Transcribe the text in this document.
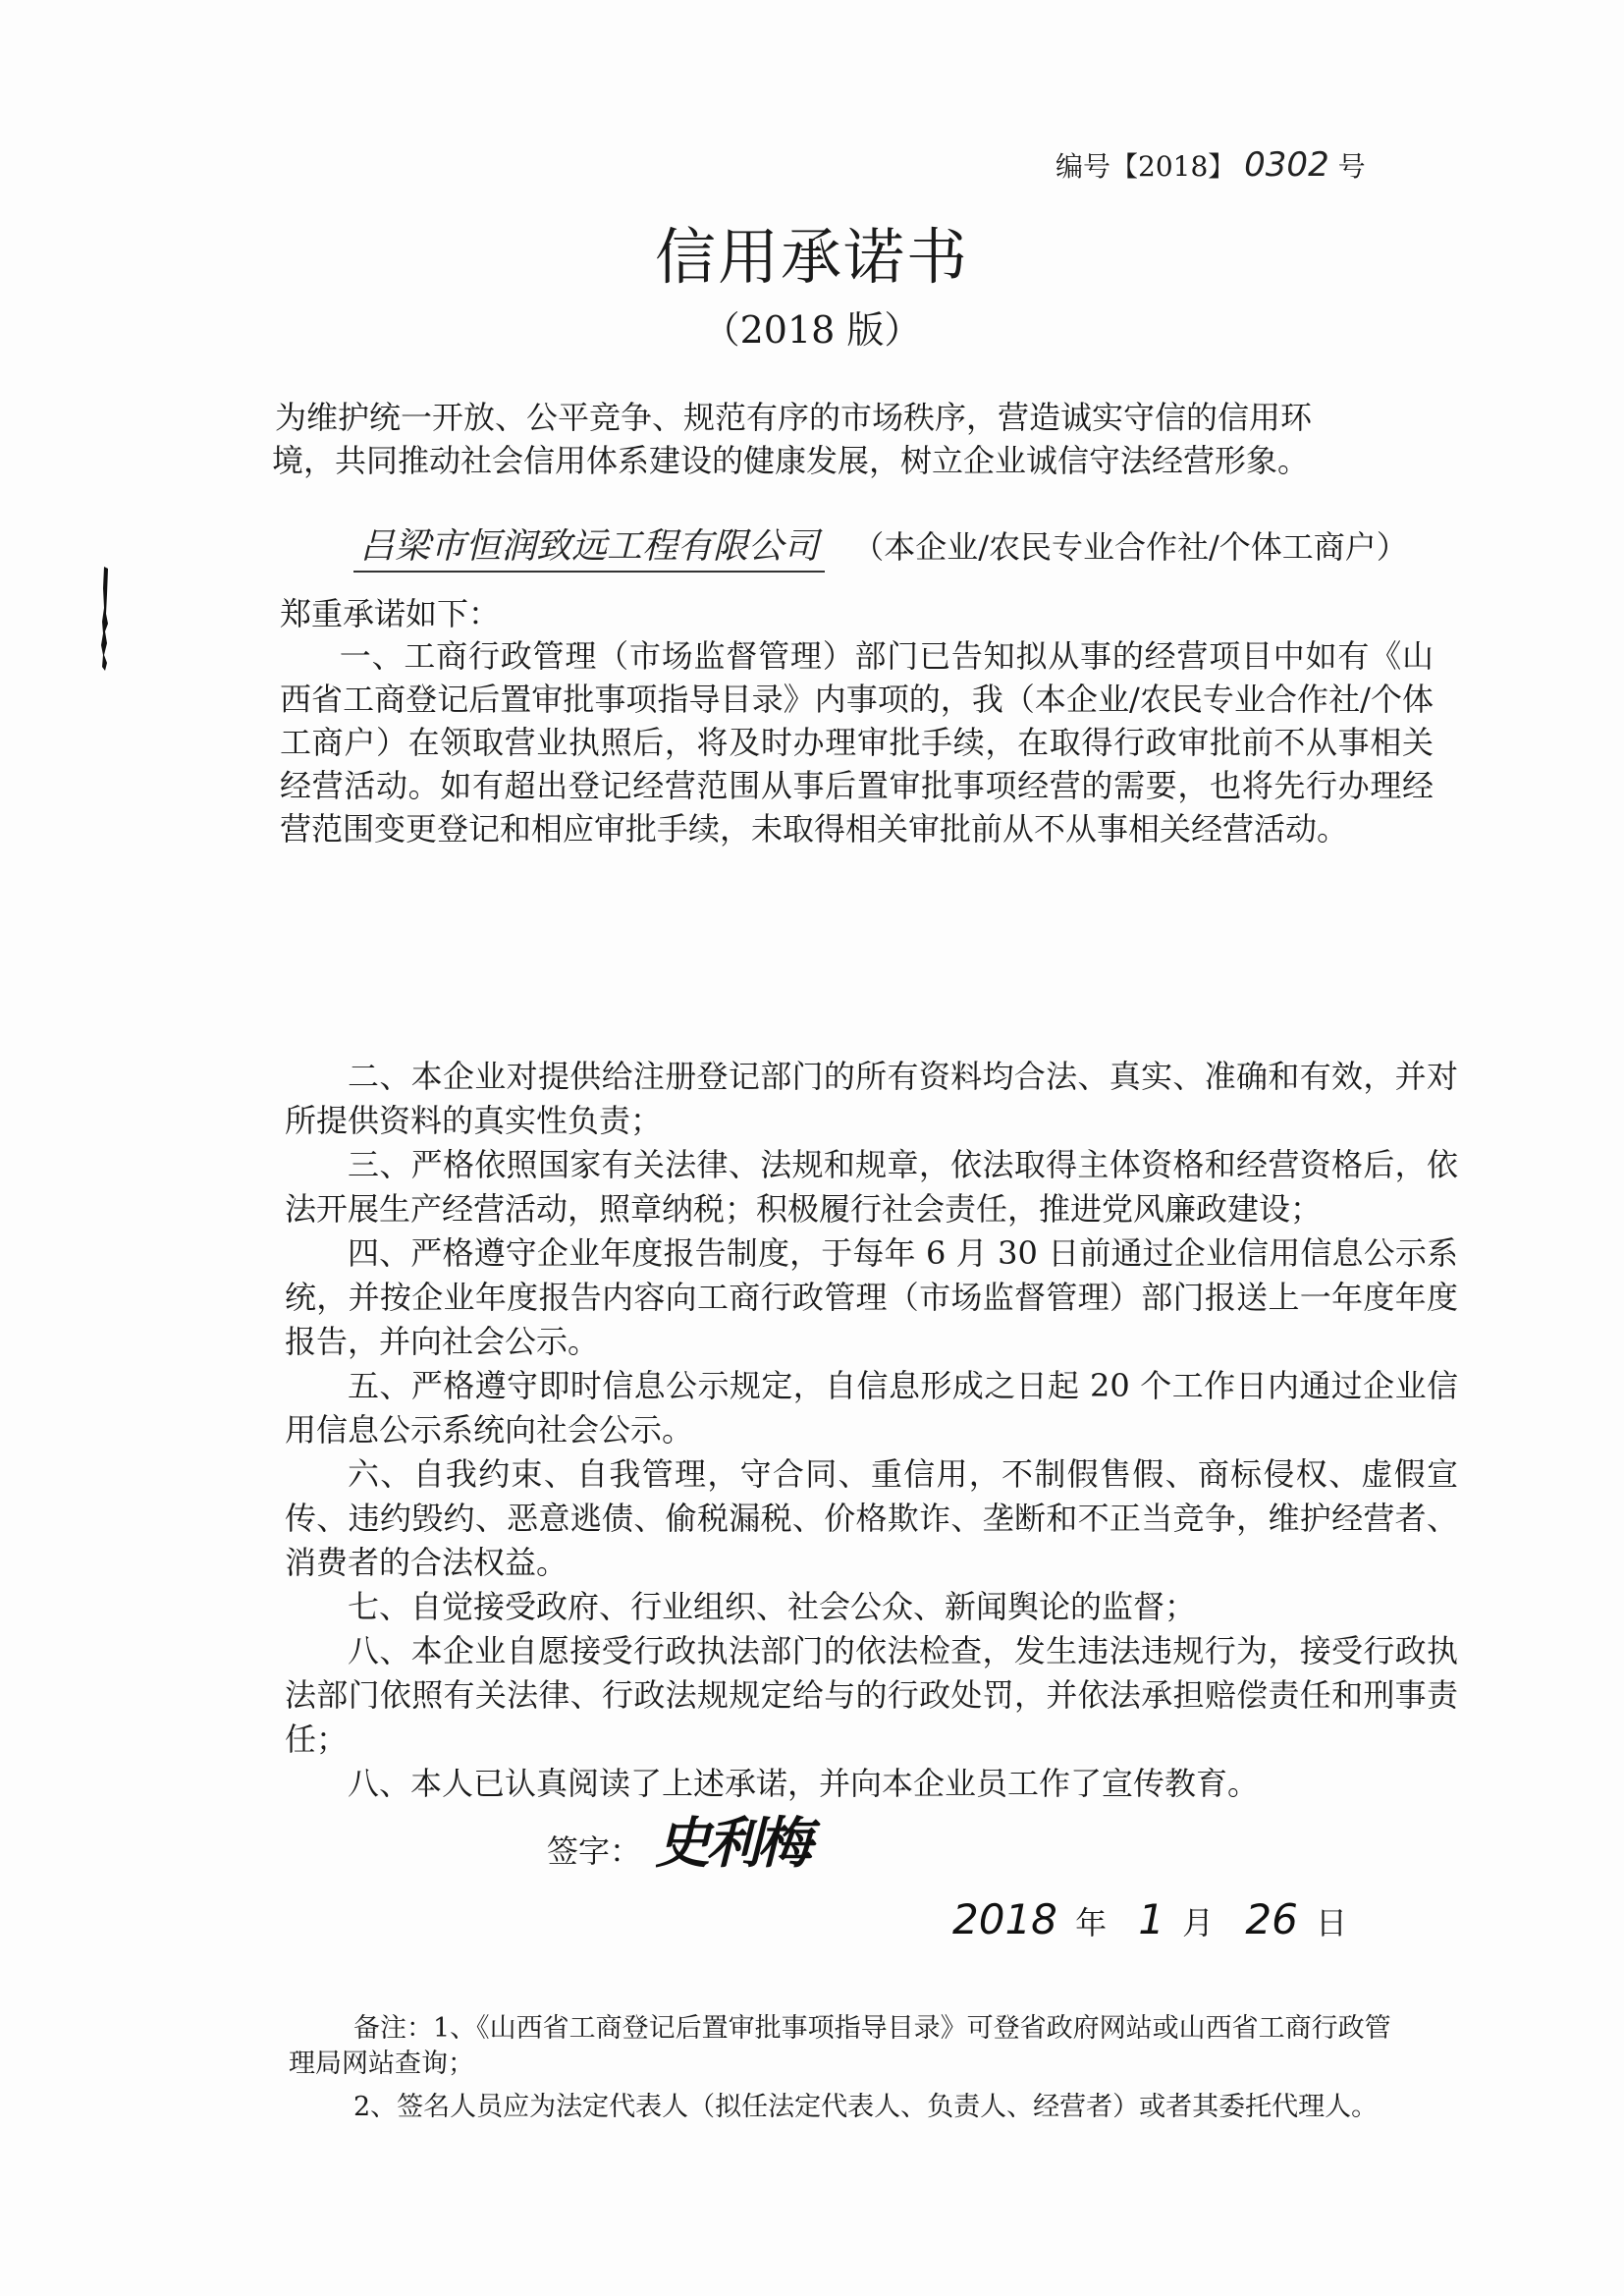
编号【2018】 0302 号
信用承诺书
（2018 版）
为维护统一开放、公平竞争、规范有序的市场秩序，营造诚实守信的信用环
境，共同推动社会信用体系建设的健康发展，树立企业诚信守法经营形象。
吕梁市恒润致远工程有限公司 （本企业/农民专业合作社/个体工商户）
郑重承诺如下：

一、工商行政管理（市场监督管理）部门已告知拟从事的经营项目中如有《山西省工商登记后置审批事项指导目录》内事项的，我（本企业/农民专业合作社/个体工商户）在领取营业执照后，将及时办理审批手续，在取得行政审批前不从事相关经营活动。如有超出登记经营范围从事后置审批事项经营的需要，也将先行办理经营范围变更登记和相应审批手续，未取得相关审批前从不从事相关经营活动。

二、本企业对提供给注册登记部门的所有资料均合法、真实、准确和有效，并对所提供资料的真实性负责；

三、严格依照国家有关法律、法规和规章，依法取得主体资格和经营资格后，依法开展生产经营活动，照章纳税；积极履行社会责任，推进党风廉政建设；

四、严格遵守企业年度报告制度，于每年 6 月 30 日前通过企业信用信息公示系统，并按企业年度报告内容向工商行政管理（市场监督管理）部门报送上一年度年度报告，并向社会公示。

五、严格遵守即时信息公示规定，自信息形成之日起 20 个工作日内通过企业信用信息公示系统向社会公示。

六、自我约束、自我管理，守合同、重信用，不制假售假、商标侵权、虚假宣传、违约毁约、恶意逃债、偷税漏税、价格欺诈、垄断和不正当竞争，维护经营者、消费者的合法权益。

七、自觉接受政府、行业组织、社会公众、新闻舆论的监督；

八、本企业自愿接受行政执法部门的依法检查，发生违法违规行为，接受行政执法部门依照有关法律、行政法规规定给与的行政处罚，并依法承担赔偿责任和刑事责任；

八、本人已认真阅读了上述承诺，并向本企业员工作了宣传教育。

签字： 史利梅
2018 年 1 月 26 日
备注：1、《山西省工商登记后置审批事项指导目录》可登省政府网站或山西省工商行政管
理局网站查询；
2、签名人员应为法定代表人（拟任法定代表人、负责人、经营者）或者其委托代理人。
